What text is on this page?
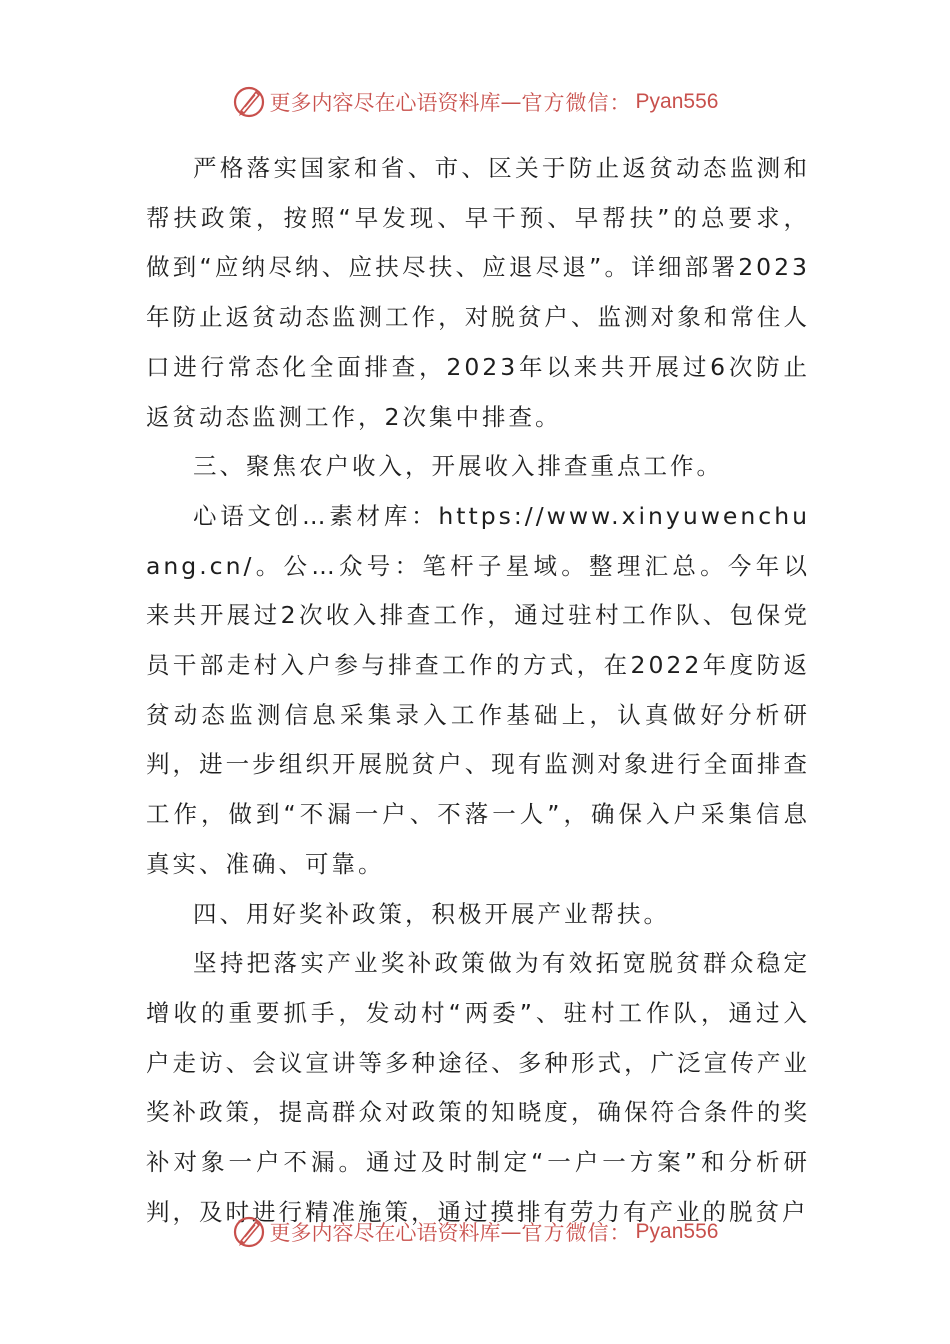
更多内容尽在心语资料库 — 官方微信： Pyan556

严格落实国家和省、市、区关于防止返贫动态监测和帮扶政策，按照“早发现、早干预、早帮扶”的总要求，做到“应纳尽纳、应扶尽扶、应退尽退”。详细部署2023年防止返贫动态监测工作，对脱贫户、监测对象和常住人口进行常态化全面排查，2023年以来共开展过6次防止返贫动态监测工作，2次集中排查。

三、聚焦农户收入，开展收入排查重点工作。

心语文创…素材库：https://www.xinyuwenchuang.cn/。公…众号：笔杆子星域。整理汇总。今年以来共开展过2次收入排查工作，通过驻村工作队、包保党员干部走村入户参与排查工作的方式，在2022年度防返贫动态监测信息采集录入工作基础上，认真做好分析研判，进一步组织开展脱贫户、现有监测对象进行全面排查工作，做到“不漏一户、不落一人”，确保入户采集信息真实、准确、可靠。

四、用好奖补政策，积极开展产业帮扶。

坚持把落实产业奖补政策做为有效拓宽脱贫群众稳定增收的重要抓手，发动村“两委”、驻村工作队，通过入户走访、会议宣讲等多种途径、多种形式，广泛宣传产业奖补政策，提高群众对政策的知晓度，确保符合条件的奖补对象一户不漏。通过及时制定“一户一方案”和分析研判，及时进行精准施策，通过摸排有劳力有产业的脱贫户

更多内容尽在心语资料库 — 官方微信： Pyan556
